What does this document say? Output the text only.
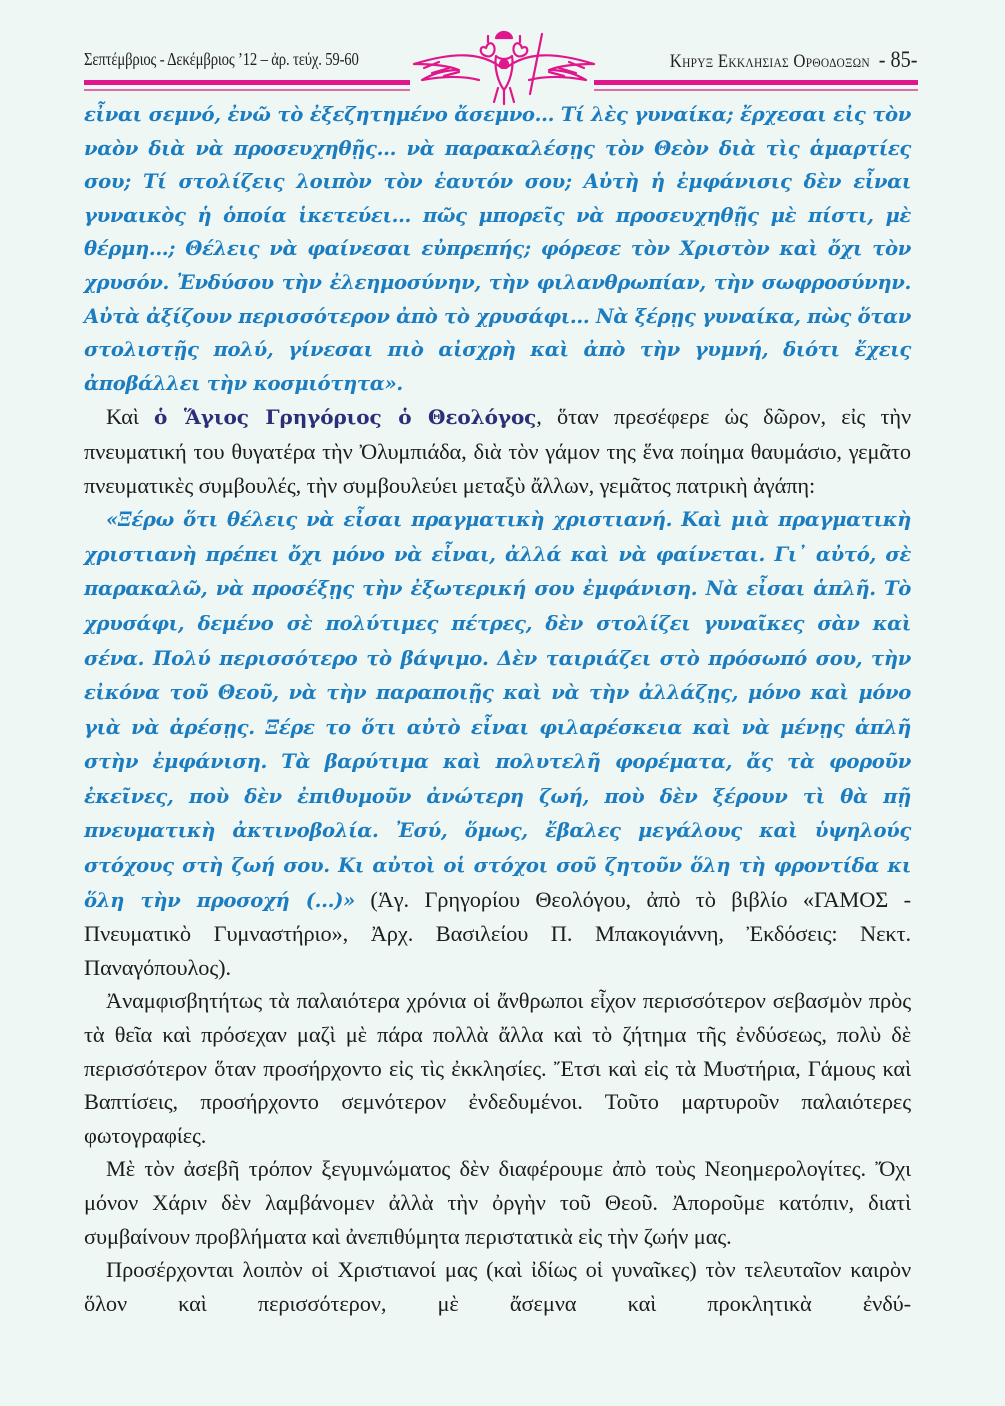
Σεπτέμβριος - Δεκέμβριος ’12 – ἀρ. τεύχ. 59-60	Κηρυξ Εκκλησιας Ορθοδοξων - 85-

εἶναι σεμνό, ἐνῶ τὸ ἐξεζητημένο ἄσεμνο... Τί λὲς γυναίκα; ἔρχεσαι εἰς τὸν ναὸν διὰ νὰ προσευχηθῇς... νὰ παρακαλέσῃς τὸν Θεὸν διὰ τὶς ἁμαρτίες σου; Τί στολίζεις λοιπὸν τὸν ἑαυτόν σου; Αὐτὴ ἡ ἐμφάνισις δὲν εἶναι γυναικὸς ἡ ὁποία ἱκετεύει... πῶς μπορεῖς νὰ προσευχηθῇς μὲ πίστι, μὲ θέρμη...; Θέλεις νὰ φαίνεσαι εὐπρεπής; φόρεσε τὸν Χριστὸν καὶ ὄχι τὸν χρυσόν. Ἐνδύσου τὴν ἐλεημοσύνην, τὴν φιλανθρωπίαν, τὴν σωφροσύνην. Αὐτὰ ἀξίζουν περισσότερον ἀπὸ τὸ χρυσάφι... Νὰ ξέρῃς γυναίκα, πὼς ὅταν στολιστῇς πολύ, γίνεσαι πιὸ αἰσχρὴ καὶ ἀπὸ τὴν γυμνή, διότι ἔχεις ἀποβάλλει τὴν κοσμιότητα».

Καὶ ὁ Ἅγιος Γρηγόριος ὁ Θεολόγος, ὅταν πρεσέφερε ὡς δῶρον, εἰς τὴν πνευματική του θυγατέρα τὴν Ὀλυμπιάδα, διὰ τὸν γάμον της ἕνα ποίημα θαυμάσιο, γεμᾶτο πνευματικὲς συμβουλές, τὴν συμβουλεύει μεταξὺ ἄλλων, γεμᾶτος πατρικὴ ἀγάπη:

«Ξέρω ὅτι θέλεις νὰ εἶσαι πραγματικὴ χριστιανή. Καὶ μιὰ πραγματικὴ χριστιανὴ πρέπει ὄχι μόνο νὰ εἶναι, ἀλλά καὶ νὰ φαίνεται. Γι᾽ αὐτό, σὲ παρακαλῶ, νὰ προσέξῃς τὴν ἐξωτερική σου ἐμφάνιση. Νὰ εἶσαι ἁπλῆ. Τὸ χρυσάφι, δεμένο σὲ πολύτιμες πέτρες, δὲν στολίζει γυναῖκες σὰν καὶ σένα. Πολύ περισσότερο τὸ βάψιμο. Δὲν ταιριάζει στὸ πρόσωπό σου, τὴν εἰκόνα τοῦ Θεοῦ, νὰ τὴν παραποιῇς καὶ νὰ τὴν ἀλλάζῃς, μόνο καὶ μόνο γιὰ νὰ ἀρέσῃς. Ξέρε το ὅτι αὐτὸ εἶναι φιλαρέσκεια καὶ νὰ μένῃς ἁπλῆ στὴν ἐμφάνιση. Τὰ βαρύτιμα καὶ πολυτελῆ φορέματα, ἄς τὰ φοροῦν ἐκεῖνες, ποὺ δὲν ἐπιθυμοῦν ἀνώτερη ζωή, ποὺ δὲν ξέρουν τὶ θὰ πῇ πνευματικὴ ἀκτινοβολία. Ἐσύ, ὅμως, ἔβαλες μεγάλους καὶ ὑψηλούς στόχους στὴ ζωή σου. Κι αὐτοὶ οἱ στόχοι σοῦ ζητοῦν ὅλη τὴ φροντίδα κι ὅλη τὴν προσοχή (...)» (Ἁγ. Γρηγορίου Θεολόγου, ἀπὸ τὸ βιβλίο «ΓΑΜΟΣ - Πνευματικὸ Γυμναστήριο», Ἀρχ. Βασιλείου Π. Μπακογιάννη, Ἐκδόσεις: Νεκτ. Παναγόπουλος).

Ἀναμφισβητήτως τὰ παλαιότερα χρόνια οἱ ἄνθρωποι εἶχον περισσότερον σεβασμὸν πρὸς τὰ θεῖα καὶ πρόσεχαν μαζὶ μὲ πάρα πολλὰ ἄλλα καὶ τὸ ζήτημα τῆς ἐνδύσεως, πολὺ δὲ περισσότερον ὅταν προσήρχοντο εἰς τὶς ἐκκλησίες. Ἔτσι καὶ εἰς τὰ Μυστήρια, Γάμους καὶ Βαπτίσεις, προσήρχοντο σεμνότερον ἐνδεδυμένοι. Τοῦτο μαρτυροῦν παλαιότερες φωτογραφίες.

Μὲ τὸν ἀσεβῆ τρόπον ξεγυμνώματος δὲν διαφέρουμε ἀπὸ τοὺς Νεοημερολογίτες. Ὄχι μόνον Χάριν δὲν λαμβάνομεν ἀλλὰ τὴν ὀργὴν τοῦ Θεοῦ. Ἀποροῦμε κατόπιν, διατὶ συμβαίνουν προβλήματα καὶ ἀνεπιθύμητα περιστατικὰ εἰς τὴν ζωήν μας.

Προσέρχονται λοιπὸν οἱ Χριστιανοί μας (καὶ ἰδίως οἱ γυναῖκες) τὸν τελευταῖον καιρὸν ὅλον καὶ περισσότερον, μὲ ἄσεμνα καὶ προκλητικὰ ἐνδύ-
